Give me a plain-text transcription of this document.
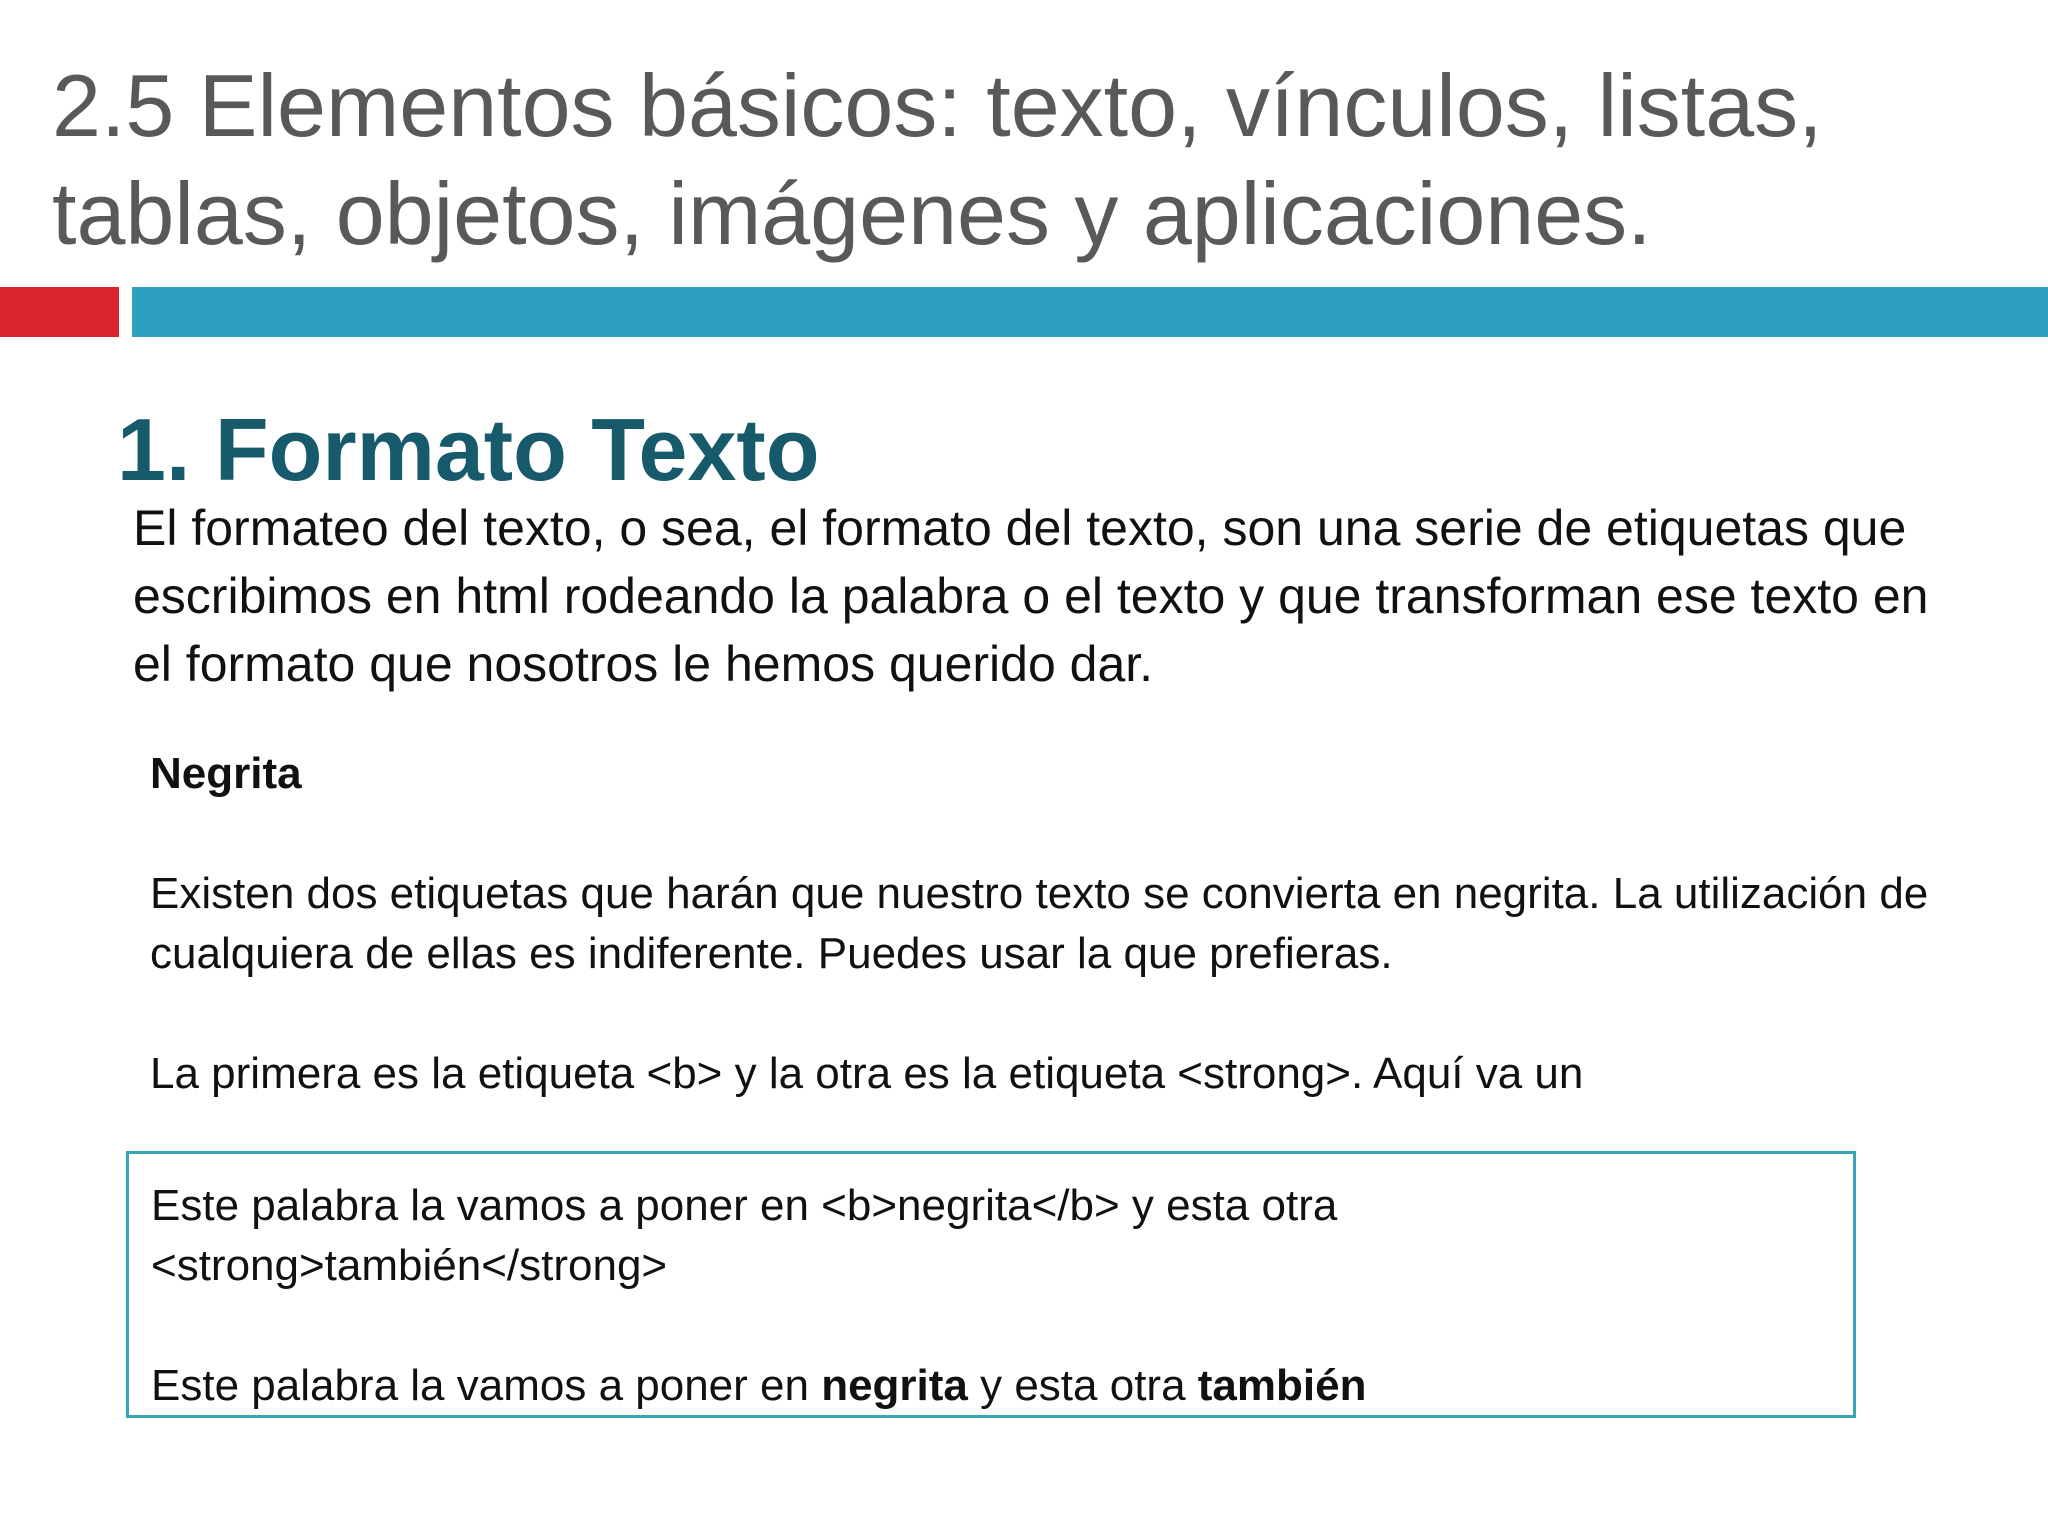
2.5 Elementos básicos: texto, vínculos, listas,
tablas, objetos, imágenes y aplicaciones.
1. Formato Texto

El formateo del texto, o sea, el formato del texto, son una serie de etiquetas que escribimos en html rodeando la palabra o el texto y que transforman ese texto en el formato que nosotros le hemos querido dar.

Negrita

Existen dos etiquetas que harán que nuestro texto se convierta en negrita. La utilización de cualquiera de ellas es indiferente. Puedes usar la que prefieras.

La primera es la etiqueta <b> y la otra es la etiqueta <strong>. Aquí va un

Este palabra la vamos a poner en <b>negrita</b> y esta otra
<strong>también</strong>

Este palabra la vamos a poner en negrita y esta otra también
